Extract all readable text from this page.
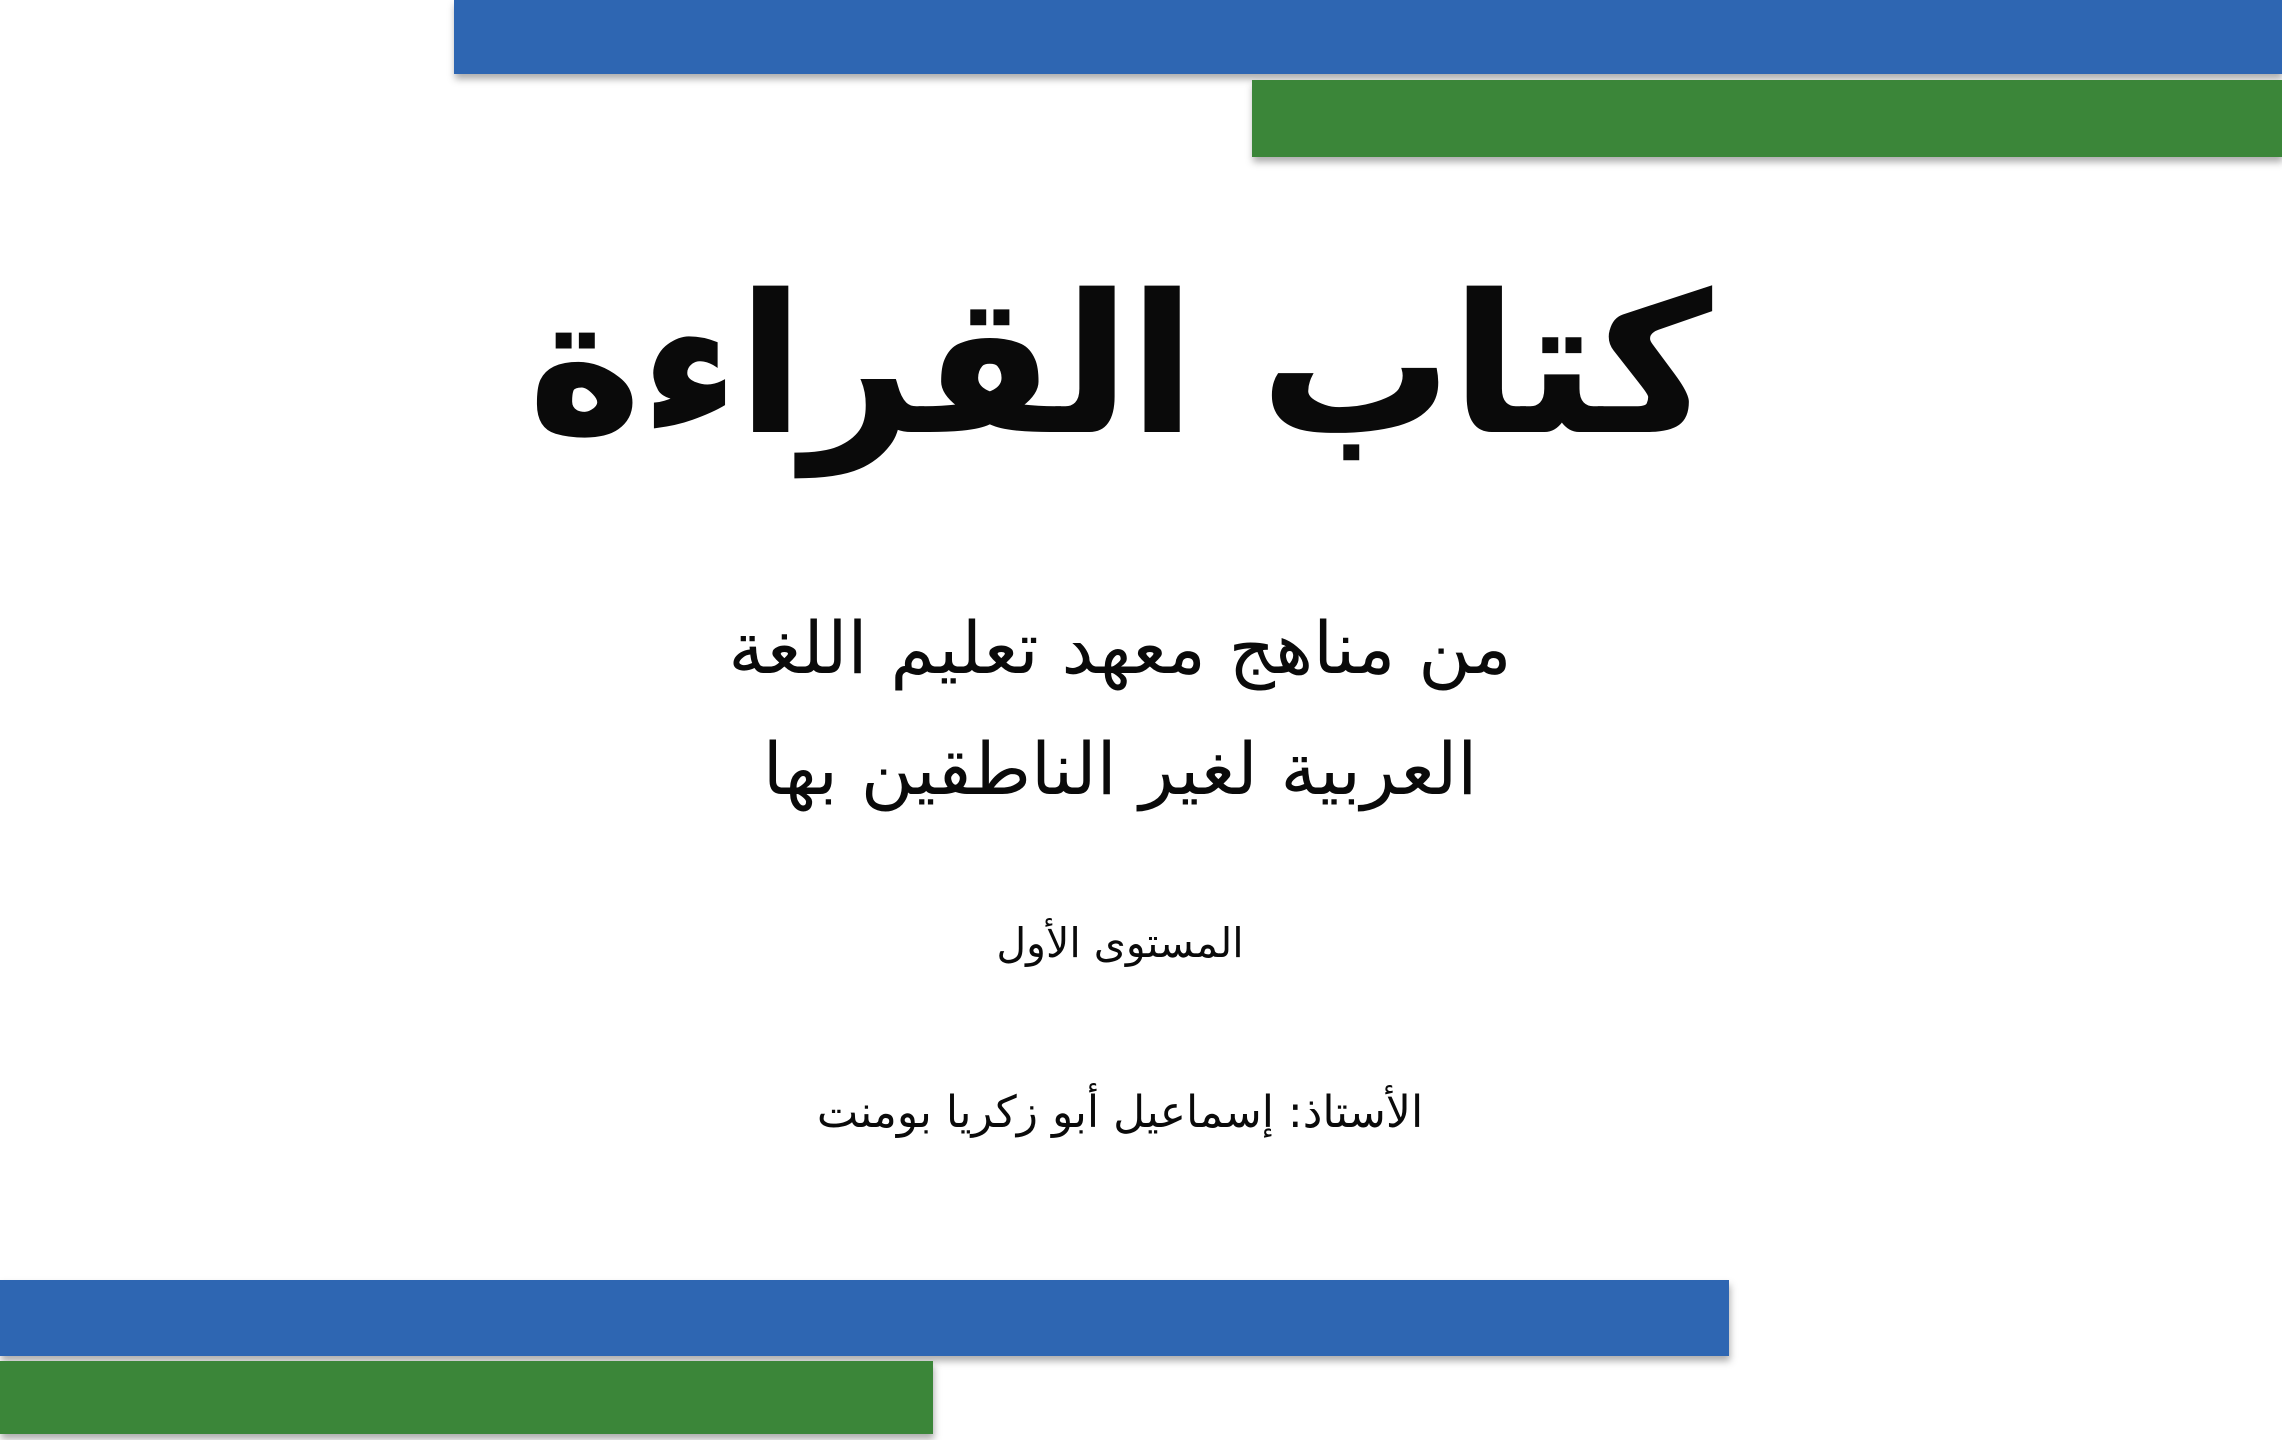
كتاب القراءة
من مناهج معهد تعليم اللغة
العربية لغير الناطقين بها
المستوى الأول
الأستاذ: إسماعيل أبو زكريا بومنت
